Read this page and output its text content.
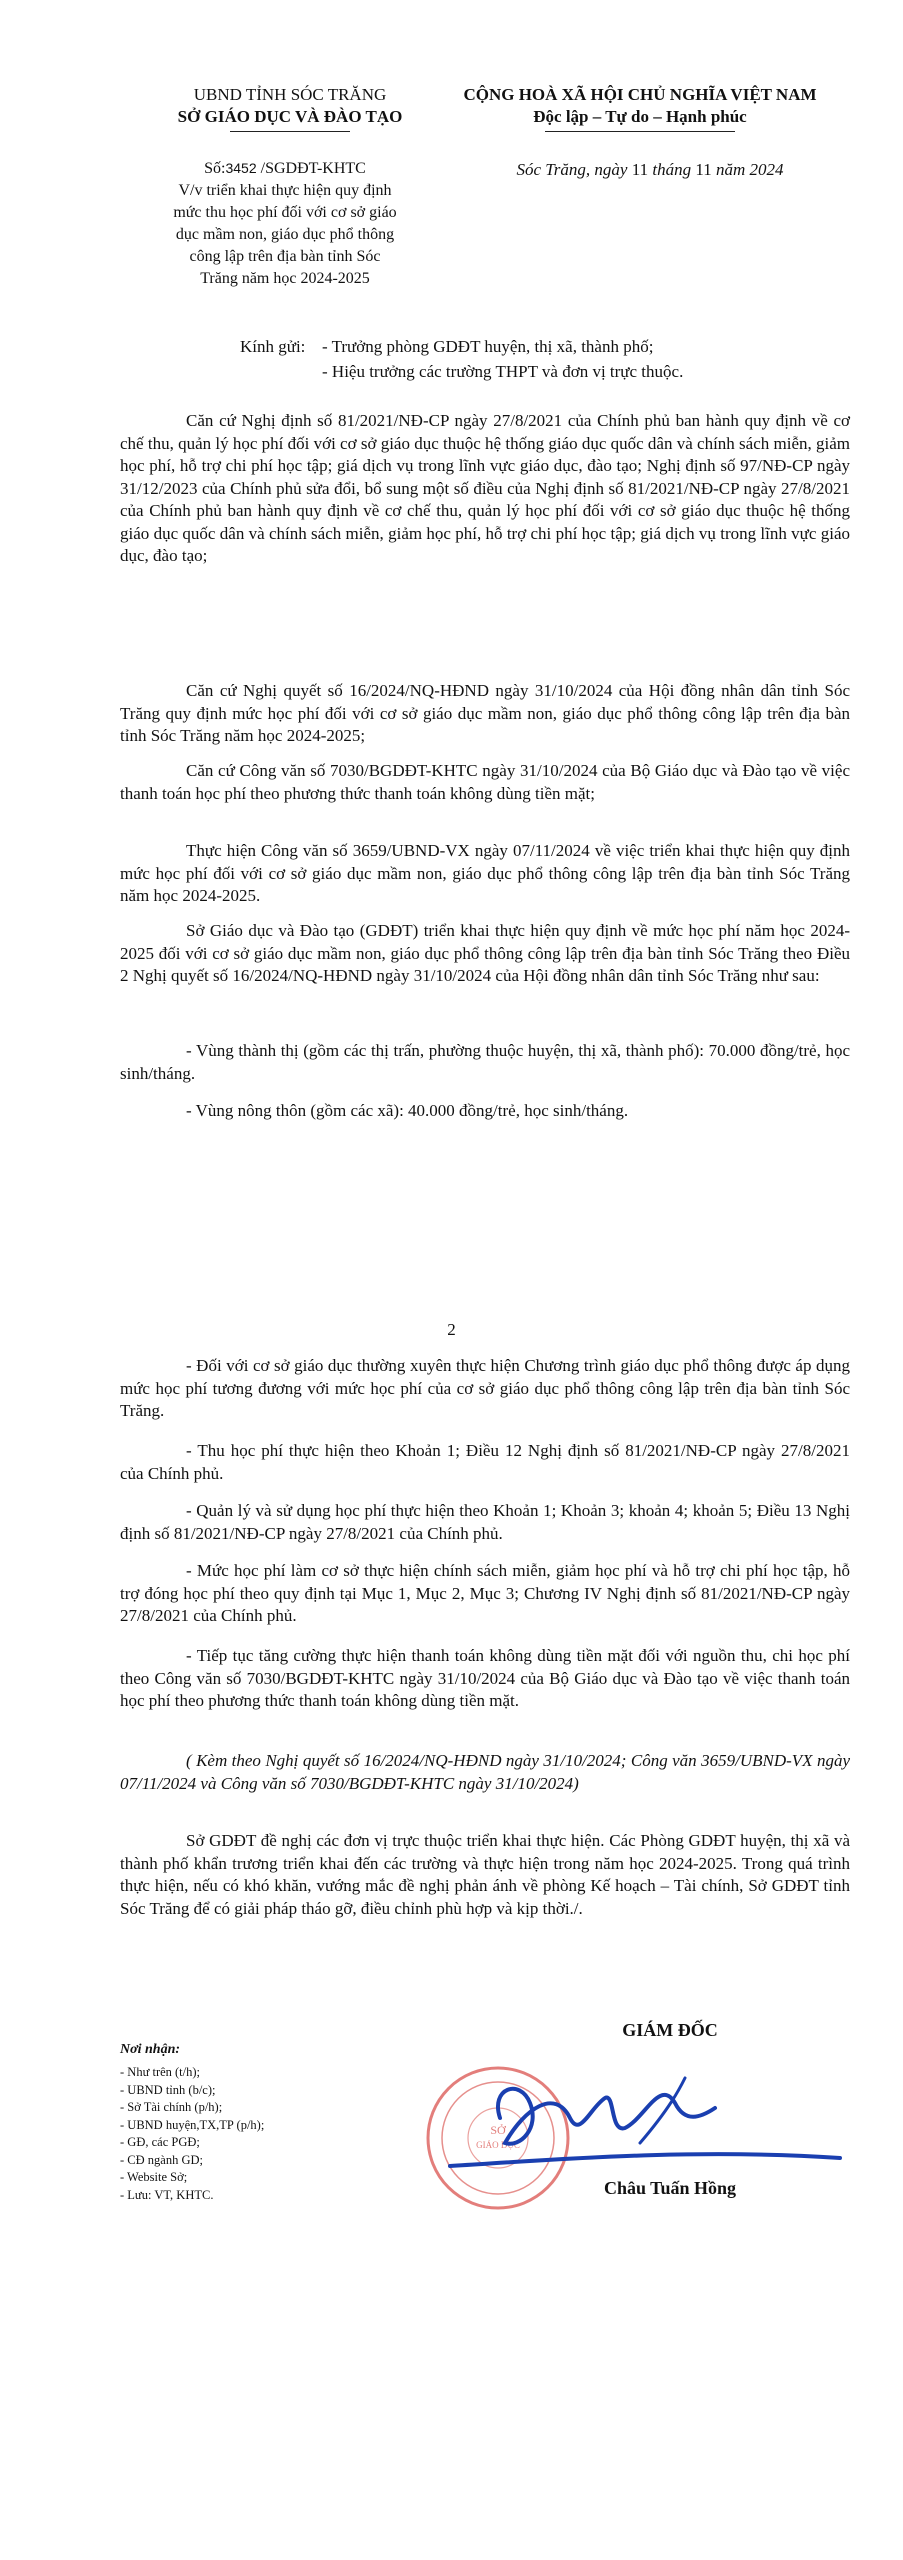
UBND TỈNH SÓC TRĂNG
SỞ GIÁO DỤC VÀ ĐÀO TẠO
CỘNG HOÀ XÃ HỘI CHỦ NGHĨA VIỆT NAM
Độc lập – Tự do – Hạnh phúc
Số:3452 /SGDĐT-KHTC
V/v triển khai thực hiện quy định
mức thu học phí đối với cơ sở giáo
dục mầm non, giáo dục phổ thông
công lập trên địa bàn tỉnh Sóc
Trăng năm học 2024-2025
Sóc Trăng, ngày 11 tháng 11 năm 2024
Kính gửi: - Trưởng phòng GDĐT huyện, thị xã, thành phố;
- Hiệu trưởng các trường THPT và đơn vị trực thuộc.
Căn cứ Nghị định số 81/2021/NĐ-CP ngày 27/8/2021 của Chính phủ ban hành quy định về cơ chế thu, quản lý học phí đối với cơ sở giáo dục thuộc hệ thống giáo dục quốc dân và chính sách miễn, giảm học phí, hỗ trợ chi phí học tập; giá dịch vụ trong lĩnh vực giáo dục, đào tạo; Nghị định số 97/NĐ-CP ngày 31/12/2023 của Chính phủ sửa đổi, bổ sung một số điều của Nghị định số 81/2021/NĐ-CP ngày 27/8/2021 của Chính phủ ban hành quy định về cơ chế thu, quản lý học phí đối với cơ sở giáo dục thuộc hệ thống giáo dục quốc dân và chính sách miễn, giảm học phí, hỗ trợ chi phí học tập; giá dịch vụ trong lĩnh vực giáo dục, đào tạo;
Căn cứ Nghị quyết số 16/2024/NQ-HĐND ngày 31/10/2024 của Hội đồng nhân dân tỉnh Sóc Trăng quy định mức học phí đối với cơ sở giáo dục mầm non, giáo dục phổ thông công lập trên địa bàn tỉnh Sóc Trăng năm học 2024-2025;
Căn cứ Công văn số 7030/BGDĐT-KHTC ngày 31/10/2024 của Bộ Giáo dục và Đào tạo về việc thanh toán học phí theo phương thức thanh toán không dùng tiền mặt;
Thực hiện Công văn số 3659/UBND-VX ngày 07/11/2024 về việc triển khai thực hiện quy định mức học phí đối với cơ sở giáo dục mầm non, giáo dục phổ thông công lập trên địa bàn tỉnh Sóc Trăng năm học 2024-2025.
Sở Giáo dục và Đào tạo (GDĐT) triển khai thực hiện quy định về mức học phí năm học 2024-2025 đối với cơ sở giáo dục mầm non, giáo dục phổ thông công lập trên địa bàn tỉnh Sóc Trăng theo Điều 2 Nghị quyết số 16/2024/NQ-HĐND ngày 31/10/2024 của Hội đồng nhân dân tỉnh Sóc Trăng như sau:
- Vùng thành thị (gồm các thị trấn, phường thuộc huyện, thị xã, thành phố): 70.000 đồng/trẻ, học sinh/tháng.
- Vùng nông thôn (gồm các xã): 40.000 đồng/trẻ, học sinh/tháng.
2
- Đối với cơ sở giáo dục thường xuyên thực hiện Chương trình giáo dục phổ thông được áp dụng mức học phí tương đương với mức học phí của cơ sở giáo dục phổ thông công lập trên địa bàn tỉnh Sóc Trăng.
- Thu học phí thực hiện theo Khoản 1; Điều 12 Nghị định số 81/2021/NĐ-CP ngày 27/8/2021 của Chính phủ.
- Quản lý và sử dụng học phí thực hiện theo Khoản 1; Khoản 3; khoản 4; khoản 5; Điều 13 Nghị định số 81/2021/NĐ-CP ngày 27/8/2021 của Chính phủ.
- Mức học phí làm cơ sở thực hiện chính sách miễn, giảm học phí và hỗ trợ chi phí học tập, hỗ trợ đóng học phí theo quy định tại Mục 1, Mục 2, Mục 3; Chương IV Nghị định số 81/2021/NĐ-CP ngày 27/8/2021 của Chính phủ.
- Tiếp tục tăng cường thực hiện thanh toán không dùng tiền mặt đối với nguồn thu, chi học phí theo Công văn số 7030/BGDĐT-KHTC ngày 31/10/2024 của Bộ Giáo dục và Đào tạo về việc thanh toán học phí theo phương thức thanh toán không dùng tiền mặt.
( Kèm theo Nghị quyết số 16/2024/NQ-HĐND ngày 31/10/2024; Công văn 3659/UBND-VX ngày 07/11/2024 và Công văn số 7030/BGDĐT-KHTC ngày 31/10/2024)
Sở GDĐT đề nghị các đơn vị trực thuộc triển khai thực hiện. Các Phòng GDĐT huyện, thị xã và thành phố khẩn trương triển khai đến các trường và thực hiện trong năm học 2024-2025. Trong quá trình thực hiện, nếu có khó khăn, vướng mắc đề nghị phản ánh về phòng Kế hoạch – Tài chính, Sở GDĐT tỉnh Sóc Trăng để có giải pháp tháo gỡ, điều chỉnh phù hợp và kịp thời./.
Nơi nhận:
- Như trên (t/h);
- UBND tỉnh (b/c);
- Sở Tài chính (p/h);
- UBND huyện,TX,TP (p/h);
- GĐ, các PGĐ;
- CĐ ngành GD;
- Website Sở;
- Lưu: VT, KHTC.
GIÁM ĐỐC
SỞ
GIÁO DỤC
Châu Tuấn Hồng
